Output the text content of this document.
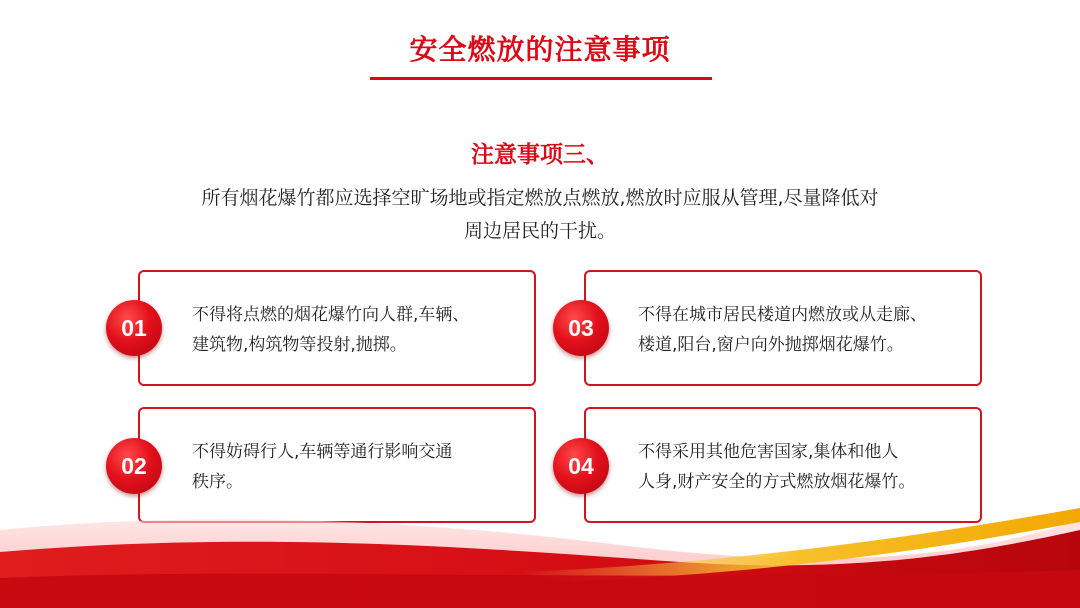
安全燃放的注意事项
注意事项三、
所有烟花爆竹都应选择空旷场地或指定燃放点燃放,燃放时应服从管理,尽量降低对
周边居民的干扰。
不得将点燃的烟花爆竹向人群,车辆、
建筑物,构筑物等投射,抛掷。
01
不得妨碍行人,车辆等通行影响交通
秩序。
02
不得在城市居民楼道内燃放或从走廊、
楼道,阳台,窗户向外抛掷烟花爆竹。
03
不得采用其他危害国家,集体和他人
人身,财产安全的方式燃放烟花爆竹。
04
